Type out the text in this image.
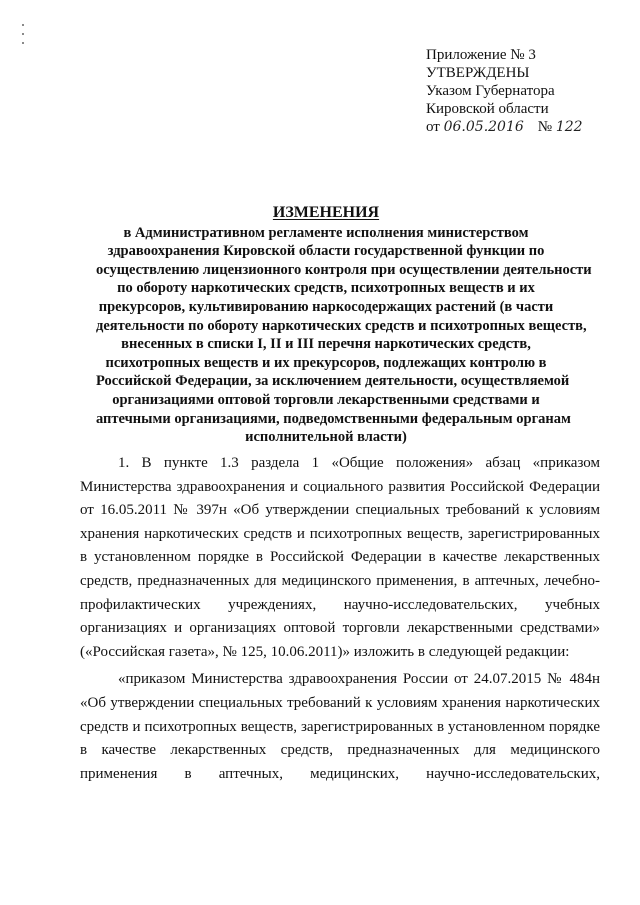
Приложение № 3
УТВЕРЖДЕНЫ
Указом Губернатора
Кировской области
от 06.05.2016 № 122
ИЗМЕНЕНИЯ
в Административном регламенте исполнения министерством
здравоохранения Кировской области государственной функции по
осуществлению лицензионного контроля при осуществлении деятельности
по обороту наркотических средств, психотропных веществ и их
прекурсоров, культивированию наркосодержащих растений (в части
деятельности по обороту наркотических средств и психотропных веществ,
внесенных в списки I, II и III перечня наркотических средств,
психотропных веществ и их прекурсоров, подлежащих контролю в
Российской Федерации, за исключением деятельности, осуществляемой
организациями оптовой торговли лекарственными средствами и
аптечными организациями, подведомственными федеральным органам
исполнительной власти)
1. В пункте 1.3 раздела 1 «Общие положения» абзац «приказом
Министерства здравоохранения и социального развития Российской Федерации
от 16.05.2011 № 397н «Об утверждении специальных требований к условиям
хранения наркотических средств и психотропных веществ, зарегистрированных
в установленном порядке в Российской Федерации в качестве лекарственных
средств, предназначенных для медицинского применения, в аптечных, лечебно-
профилактических учреждениях, научно-исследовательских, учебных
организациях и организациях оптовой торговли лекарственными средствами»
(«Российская газета», № 125, 10.06.2011)» изложить в следующей редакции:
«приказом Министерства здравоохранения России от 24.07.2015 № 484н
«Об утверждении специальных требований к условиям хранения наркотических
средств и психотропных веществ, зарегистрированных в установленном порядке
в качестве лекарственных средств, предназначенных для медицинского
применения в аптечных, медицинских, научно-исследовательских,
